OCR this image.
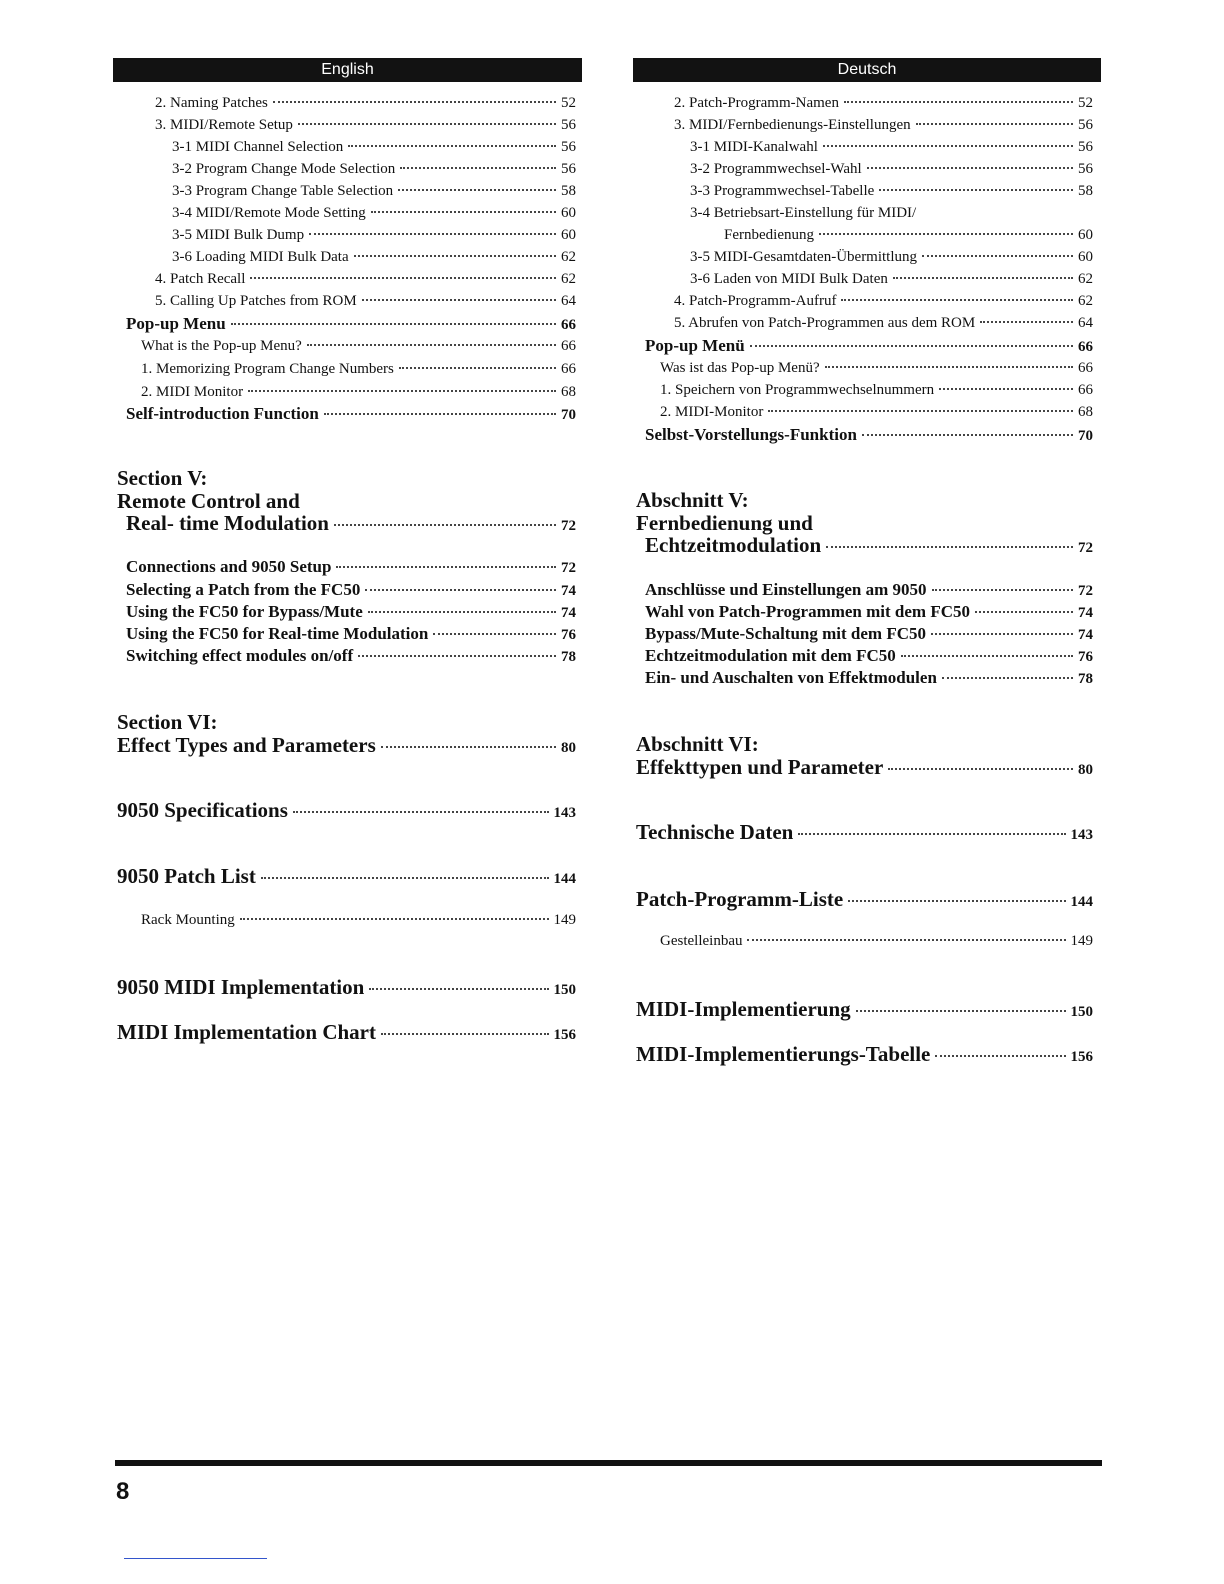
English
2. Naming Patches	52
3. MIDI/Remote Setup	56
3-1 MIDI Channel Selection	56
3-2 Program Change Mode Selection	56
3-3 Program Change Table Selection	58
3-4 MIDI/Remote Mode Setting	60
3-5 MIDI Bulk Dump	60
3-6 Loading MIDI Bulk Data	62
4. Patch Recall	62
5. Calling Up Patches from ROM	64
Pop-up Menu	66
What is the Pop-up Menu?	66
1. Memorizing Program Change Numbers	66
2. MIDI Monitor	68
Self-introduction Function	70
Section V:
Remote Control and
Real- time Modulation	72
Connections and 9050 Setup	72
Selecting a Patch from the FC50	74
Using the FC50 for Bypass/Mute	74
Using the FC50 for Real-time Modulation	76
Switching effect modules on/off	78
Section VI:
Effect Types and Parameters	80
9050 Specifications	143
9050 Patch List	144
Rack Mounting	149
9050 MIDI Implementation	150
MIDI Implementation Chart	156
Deutsch
2. Patch-Programm-Namen	52
3. MIDI/Fernbedienungs-Einstellungen	56
3-1 MIDI-Kanalwahl	56
3-2 Programmwechsel-Wahl	56
3-3 Programmwechsel-Tabelle	58
3-4 Betriebsart-Einstellung für MIDI/
Fernbedienung	60
3-5 MIDI-Gesamtdaten-Übermittlung	60
3-6 Laden von MIDI Bulk Daten	62
4. Patch-Programm-Aufruf	62
5. Abrufen von Patch-Programmen aus dem ROM	64
Pop-up Menü	66
Was ist das Pop-up Menü?	66
1. Speichern von Programmwechselnummern	66
2. MIDI-Monitor	68
Selbst-Vorstellungs-Funktion	70
Abschnitt V:
Fernbedienung und
Echtzeitmodulation	72
Anschlüsse und Einstellungen am 9050	72
Wahl von Patch-Programmen mit dem FC50	74
Bypass/Mute-Schaltung mit dem FC50	74
Echtzeitmodulation mit dem FC50	76
Ein- und Auschalten von Effektmodulen	78
Abschnitt VI:
Effekttypen und Parameter	80
Technische Daten	143
Patch-Programm-Liste	144
Gestelleinbau	149
MIDI-Implementierung	150
MIDI-Implementierungs-Tabelle	156
8
